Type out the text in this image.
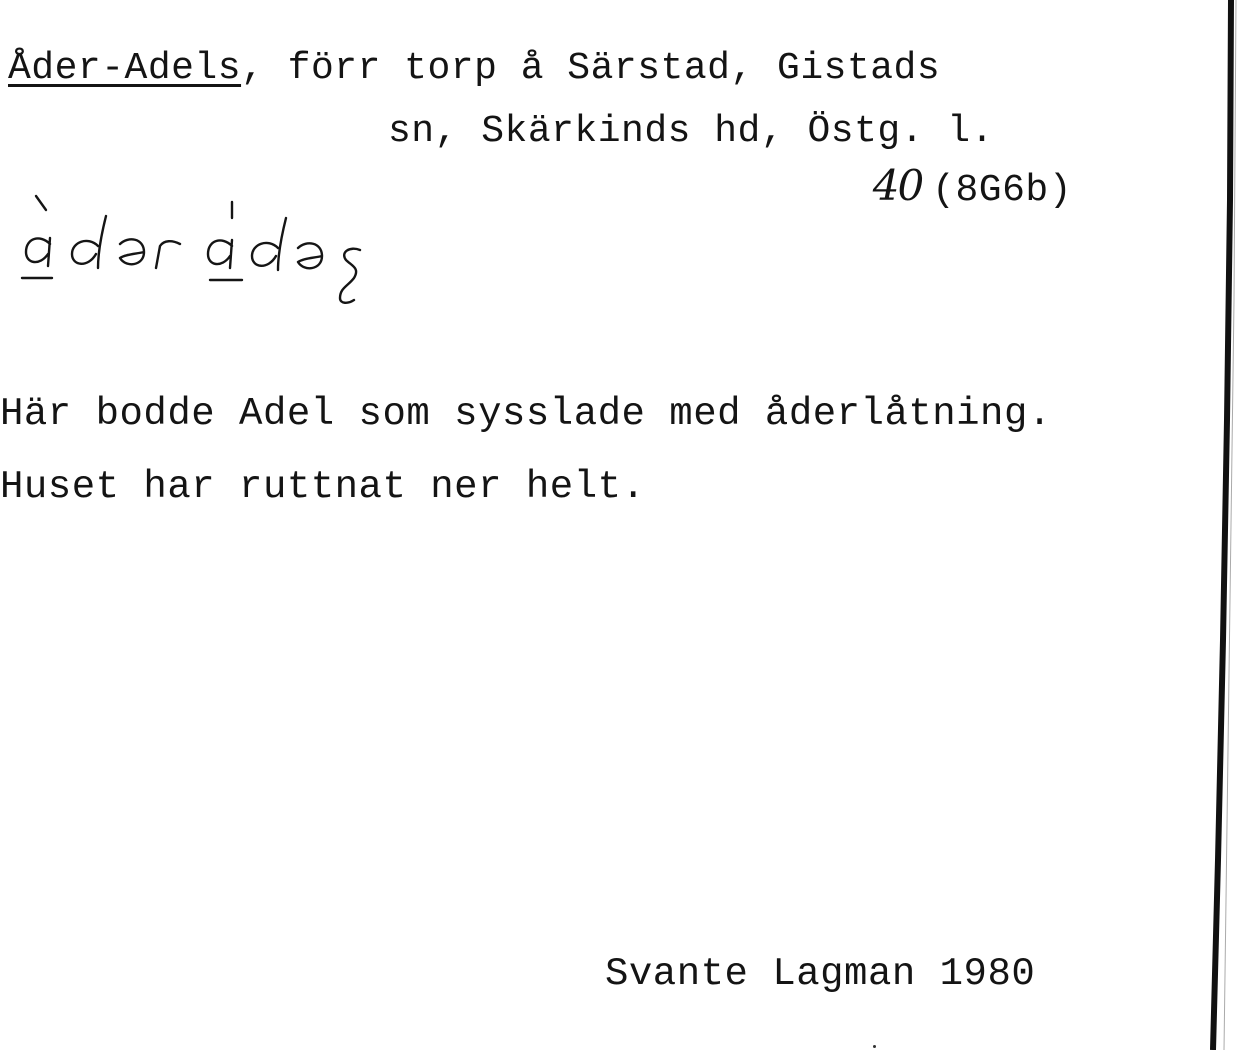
Åder-Adels, förr torp å Särstad, Gistads
sn, Skärkinds hd, Östg. l.
40 (8G6b)
Här bodde Adel som sysslade med åderlåtning.
Huset har ruttnat ner helt.
Svante Lagman 1980
